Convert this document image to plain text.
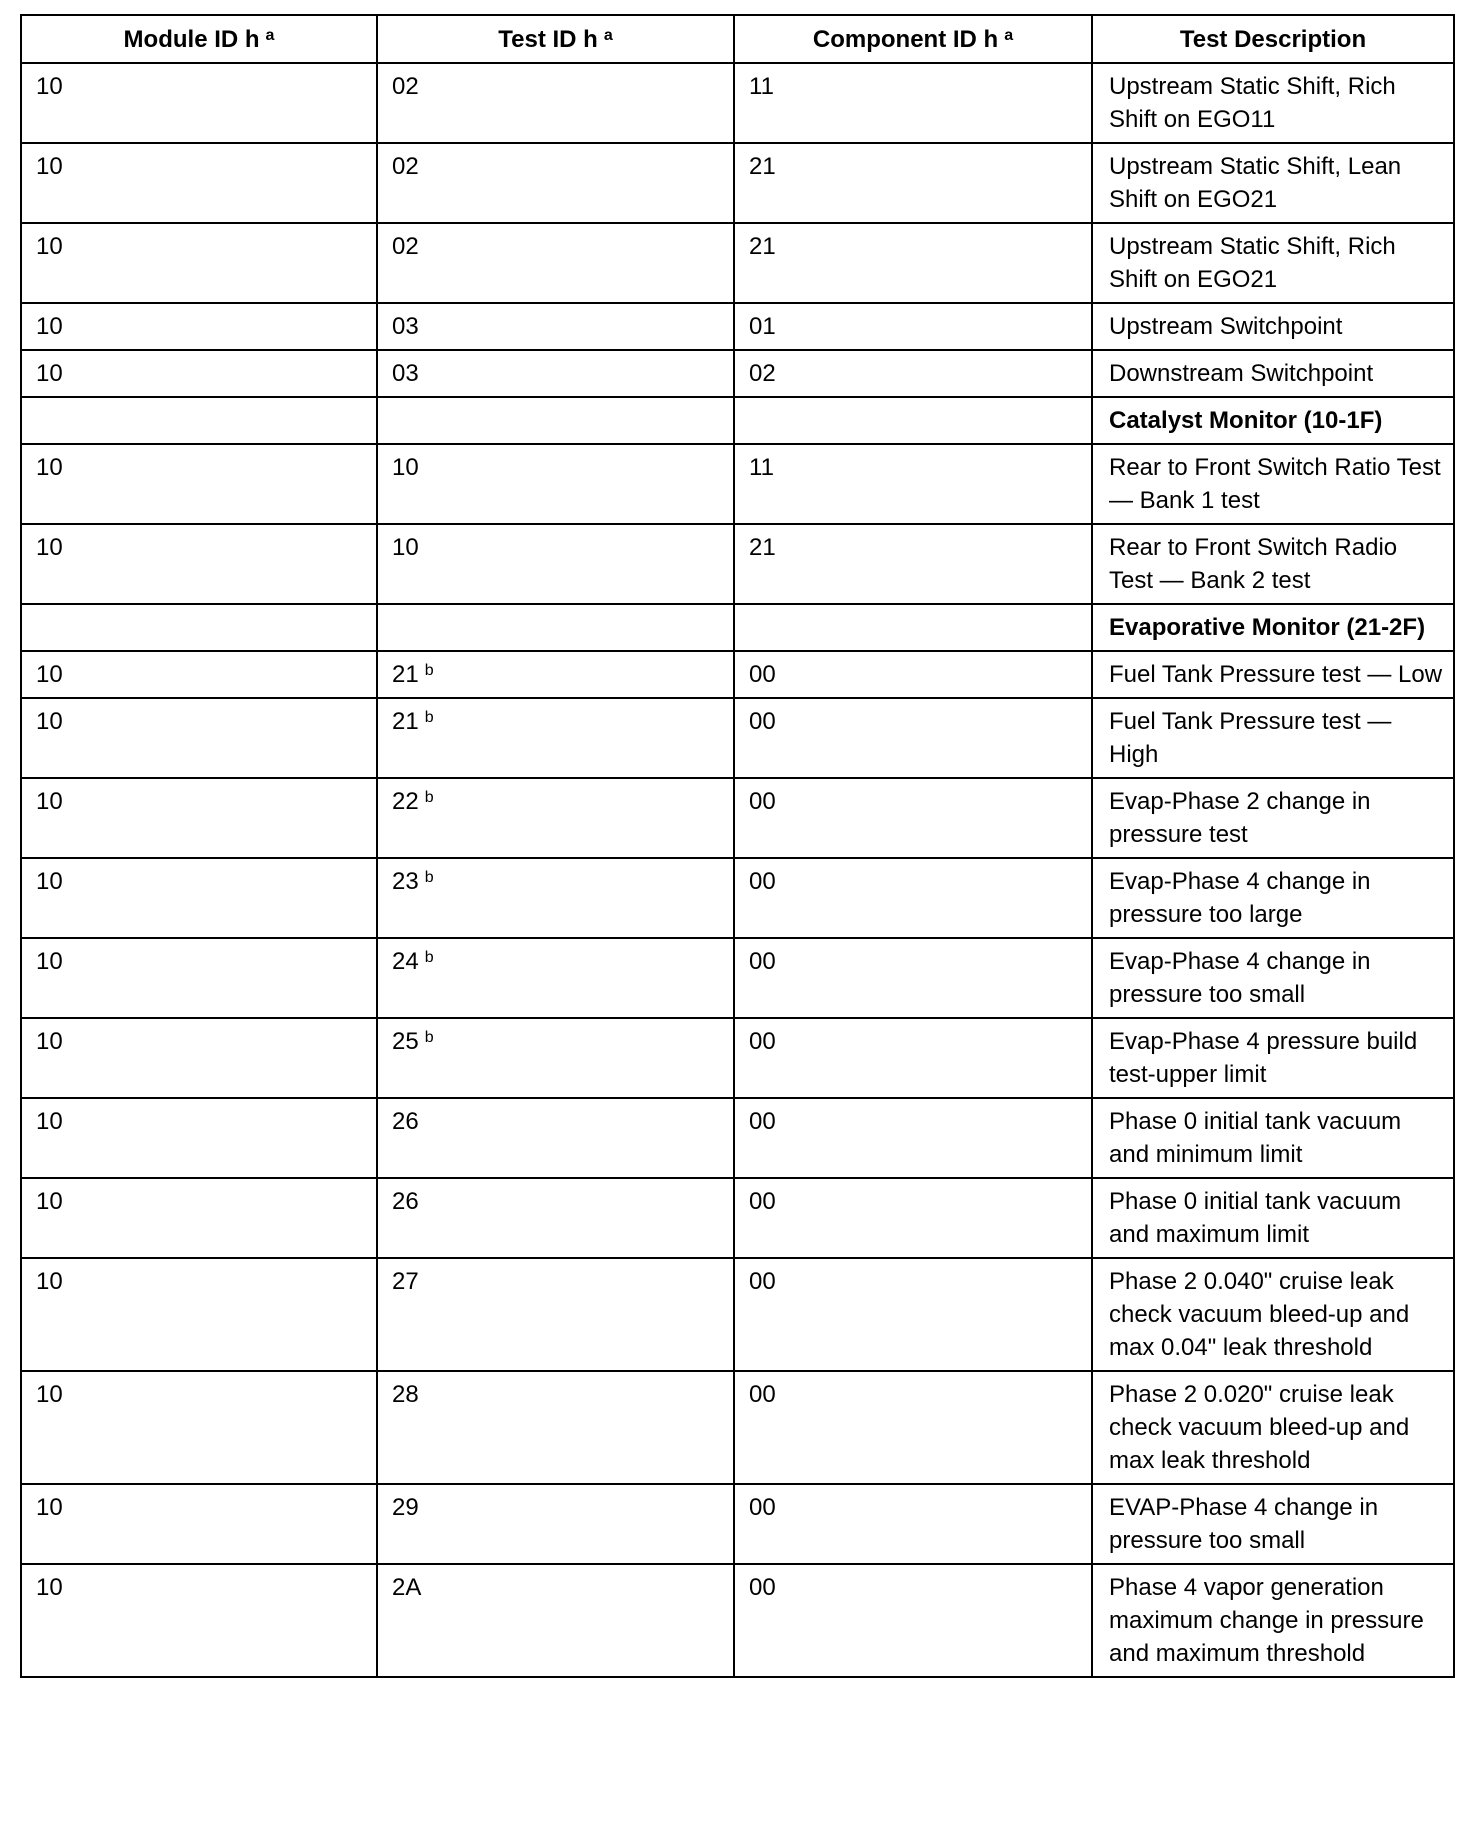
Module ID h $^a$	Test ID h $^a$	Component ID h $^a$	Test Description
10	02	11	Upstream Static Shift, Rich Shift on EGO11
10	02	21	Upstream Static Shift, Lean Shift on EGO21
10	02	21	Upstream Static Shift, Rich Shift on EGO21
10	03	01	Upstream Switchpoint
10	03	02	Downstream Switchpoint
			Catalyst Monitor (10-1F)
10	10	11	Rear to Front Switch Ratio Test — Bank 1 test
10	10	21	Rear to Front Switch Radio Test — Bank 2 test
			Evaporative Monitor (21-2F)
10	21 $^b$	00	Fuel Tank Pressure test — Low
10	21 $^b$	00	Fuel Tank Pressure test — High
10	22 $^b$	00	Evap-Phase 2 change in pressure test
10	23 $^b$	00	Evap-Phase 4 change in pressure too large
10	24 $^b$	00	Evap-Phase 4 change in pressure too small
10	25 $^b$	00	Evap-Phase 4 pressure build test-upper limit
10	26	00	Phase 0 initial tank vacuum and minimum limit
10	26	00	Phase 0 initial tank vacuum and maximum limit
10	27	00	Phase 2 0.040" cruise leak check vacuum bleed-up and max 0.04" leak threshold
10	28	00	Phase 2 0.020" cruise leak check vacuum bleed-up and max leak threshold
10	29	00	EVAP-Phase 4 change in pressure too small
10	2A	00	Phase 4 vapor generation maximum change in pressure and maximum threshold
